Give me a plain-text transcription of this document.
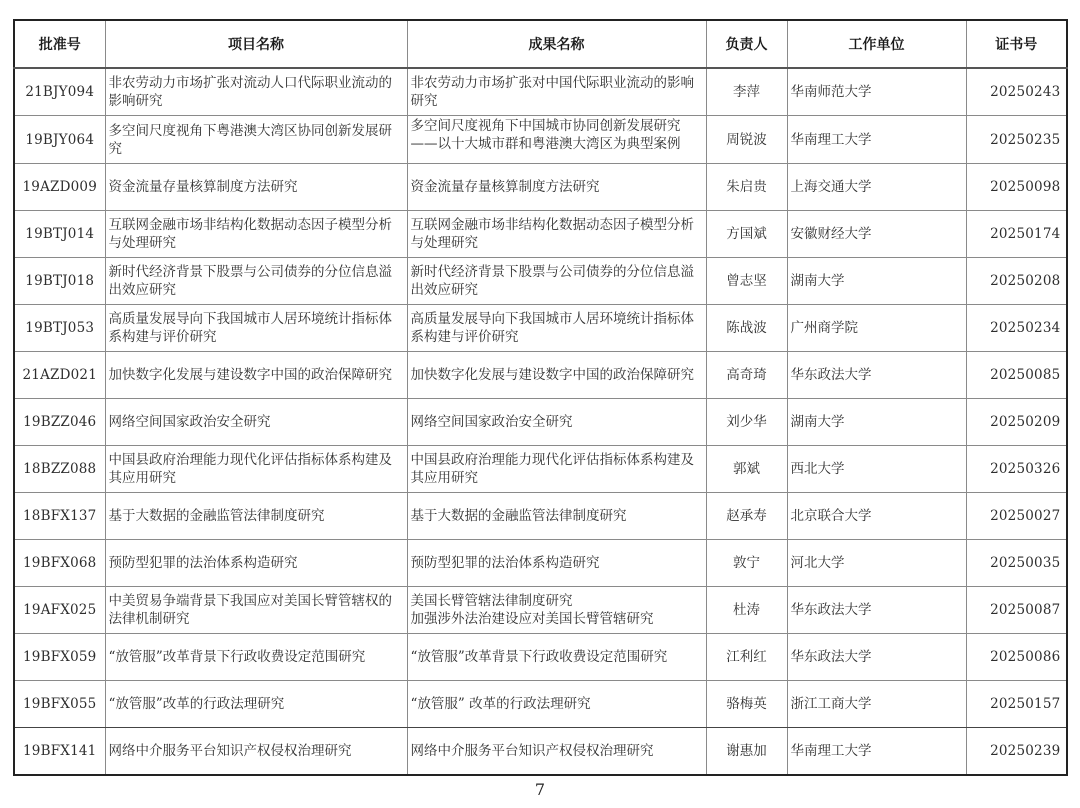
批准号	项目名称	成果名称	负责人	工作单位	证书号

21BJY094	非农劳动力市场扩张对流动人口代际职业流动的影响研究	非农劳动力市场扩张对中国代际职业流动的影响研究	李萍	华南师范大学	20250243

19BJY064	多空间尺度视角下粤港澳大湾区协同创新发展研究	多空间尺度视角下中国城市协同创新发展研究——以十大城市群和粤港澳大湾区为典型案例	周锐波	华南理工大学	20250235

19AZD009	资金流量存量核算制度方法研究	资金流量存量核算制度方法研究	朱启贵	上海交通大学	20250098

19BTJ014	互联网金融市场非结构化数据动态因子模型分析与处理研究	互联网金融市场非结构化数据动态因子模型分析与处理研究	方国斌	安徽财经大学	20250174

19BTJ018	新时代经济背景下股票与公司债券的分位信息溢出效应研究	新时代经济背景下股票与公司债券的分位信息溢出效应研究	曾志坚	湖南大学	20250208

19BTJ053	高质量发展导向下我国城市人居环境统计指标体系构建与评价研究	高质量发展导向下我国城市人居环境统计指标体系构建与评价研究	陈战波	广州商学院	20250234

21AZD021	加快数字化发展与建设数字中国的政治保障研究	加快数字化发展与建设数字中国的政治保障研究	高奇琦	华东政法大学	20250085

19BZZ046	网络空间国家政治安全研究	网络空间国家政治安全研究	刘少华	湖南大学	20250209

18BZZ088	中国县政府治理能力现代化评估指标体系构建及其应用研究	中国县政府治理能力现代化评估指标体系构建及其应用研究	郭斌	西北大学	20250326

18BFX137	基于大数据的金融监管法律制度研究	基于大数据的金融监管法律制度研究	赵承寿	北京联合大学	20250027

19BFX068	预防型犯罪的法治体系构造研究	预防型犯罪的法治体系构造研究	敦宁	河北大学	20250035

19AFX025	中美贸易争端背景下我国应对美国长臂管辖权的法律机制研究	美国长臂管辖法律制度研究
加强涉外法治建设应对美国长臂管辖研究	杜涛	华东政法大学	20250087

19BFX059	“放管服”改革背景下行政收费设定范围研究	“放管服”改革背景下行政收费设定范围研究	江利红	华东政法大学	20250086

19BFX055	“放管服”改革的行政法理研究	“放管服” 改革的行政法理研究	骆梅英	浙江工商大学	20250157

19BFX141	网络中介服务平台知识产权侵权治理研究	网络中介服务平台知识产权侵权治理研究	谢惠加	华南理工大学	20250239
7
